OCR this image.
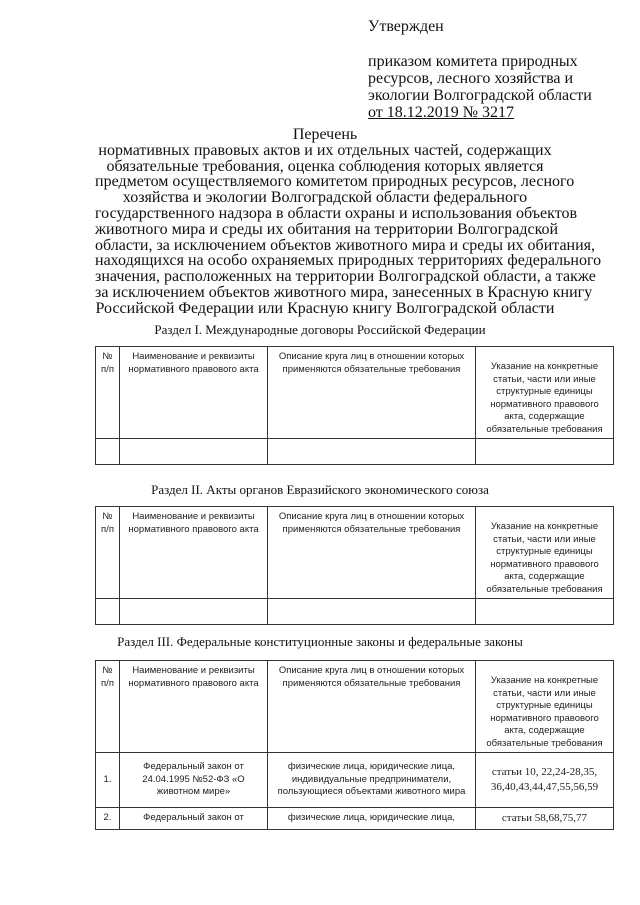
Утвержден
приказом комитета природных
ресурсов, лесного хозяйства и
экологии Волгоградской области
от 18.12.2019 № 3217
Перечень
нормативных правовых актов и их отдельных частей, содержащих
обязательные требования, оценка соблюдения которых является
предметом осуществляемого комитетом природных ресурсов, лесного
хозяйства и экологии Волгоградской области федерального
государственного надзора в области охраны и использования объектов
животного мира и среды их обитания на территории Волгоградской
области, за исключением объектов животного мира и среды их обитания,
находящихся на особо охраняемых природных территориях федерального
значения, расположенных на территории Волгоградской области, а также
за исключением объектов животного мира, занесенных в Красную книгу
Российской Федерации или Красную книгу Волгоградской области
Раздел I. Международные договоры Российской Федерации
№ п/п	Наименование и реквизиты нормативного правового акта	Описание круга лиц в отношении которых применяются обязательные требования	Указание на конкретные статьи, части или иные структурные единицы нормативного правового акта, содержащие обязательные требования

Раздел II. Акты органов Евразийского экономического союза
№ п/п	Наименование и реквизиты нормативного правового акта	Описание круга лиц в отношении которых применяются обязательные требования	Указание на конкретные статьи, части или иные структурные единицы нормативного правового акта, содержащие обязательные требования

Раздел III. Федеральные конституционные законы и федеральные законы
№ п/п	Наименование и реквизиты нормативного правового акта	Описание круга лиц в отношении которых применяются обязательные требования	Указание на конкретные статьи, части или иные структурные единицы нормативного правового акта, содержащие обязательные требования
1.	Федеральный закон от 24.04.1995 №52-ФЗ «О животном мире»	физические лица, юридические лица, индивидуальные предприниматели, пользующиеся объектами животного мира	статьи 10, 22,24-28,35, 36,40,43,44,47,55,56,59
2.	Федеральный закон от	физические лица, юридические лица,	статьи 58,68,75,77
